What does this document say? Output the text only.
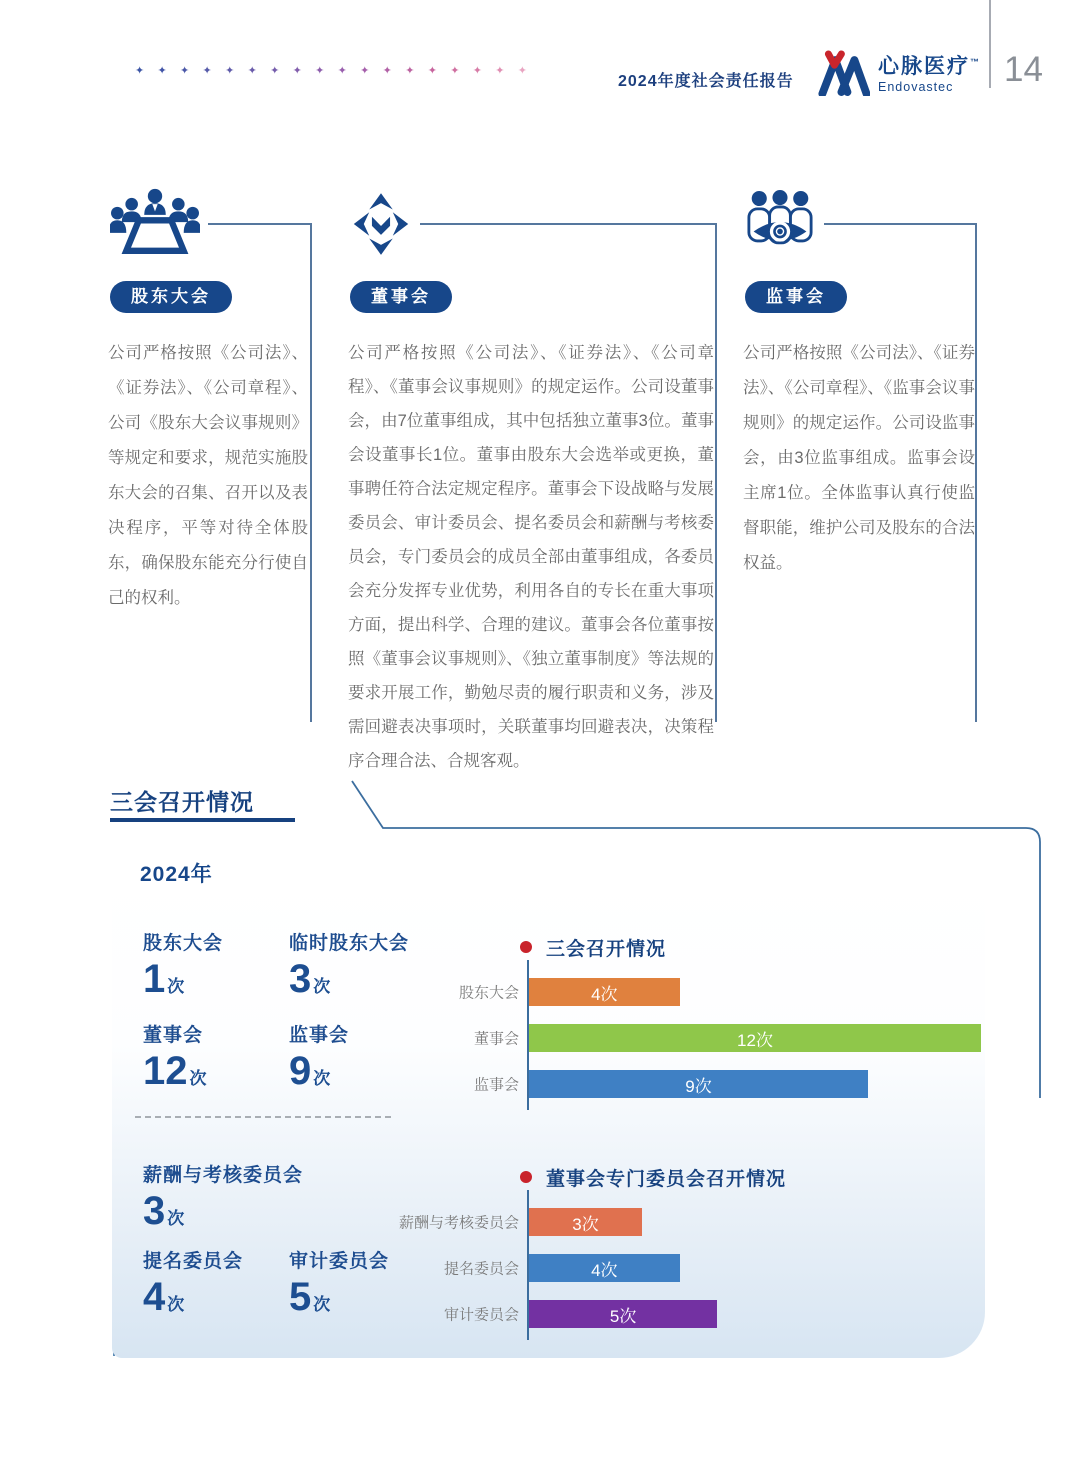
✦ ✦ ✦ ✦ ✦ ✦ ✦ ✦ ✦ ✦ ✦ ✦ ✦ ✦ ✦ ✦ ✦ ✦
2024年度社会责任报告
心脉医疗™
Endovastec	14
股东大会
公司严格按照《公司法》、《证券法》、《公司章程》、公司《股东大会议事规则》等规定和要求，规范实施股东大会的召集、召开以及表决程序，平等对待全体股东，确保股东能充分行使自己的权利。
董事会
公司严格按照《公司法》、《证券法》、《公司章程》、《董事会议事规则》的规定运作。公司设董事会，由7位董事组成，其中包括独立董事3位。董事会设董事长1位。董事由股东大会选举或更换，董事聘任符合法定规定程序。董事会下设战略与发展委员会、审计委员会、提名委员会和薪酬与考核委员会，专门委员会的成员全部由董事组成，各委员会充分发挥专业优势，利用各自的专长在重大事项方面，提出科学、合理的建议。董事会各位董事按照《董事会议事规则》、《独立董事制度》等法规的要求开展工作，勤勉尽责的履行职责和义务，涉及需回避表决事项时，关联董事均回避表决，决策程序合理合法、合规客观。
监事会
公司严格按照《公司法》、《证券法》、《公司章程》、《监事会议事规则》的规定运作。公司设监事会，由3位监事组成。监事会设主席1位。全体监事认真行使监督职能，维护公司及股东的合法权益。
三会召开情况
2024年
股东大会
1 次
临时股东大会
3 次
董事会
12 次
监事会
9 次
薪酬与考核委员会
3 次
提名委员会
4 次
审计委员会
5 次
三会召开情况
股东大会	4次
董事会	12次
监事会	9次
董事会专门委员会召开情况
薪酬与考核委员会	3次
提名委员会	4次
审计委员会	5次
